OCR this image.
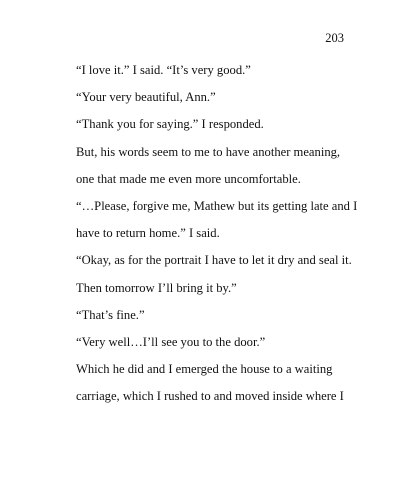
203
“I love it.” I said. “It’s very good.”
“Your very beautiful, Ann.”
“Thank you for saying.” I responded.
But, his words seem to me to have another meaning,
one that made me even more uncomfortable.
“…Please, forgive me, Mathew but its getting late and I
have to return home.” I said.
“Okay, as for the portrait I have to let it dry and seal it.
Then tomorrow I’ll bring it by.”
“That’s fine.”
“Very well…I’ll see you to the door.”
Which he did and I emerged the house to a waiting
carriage, which I rushed to and moved inside where I
